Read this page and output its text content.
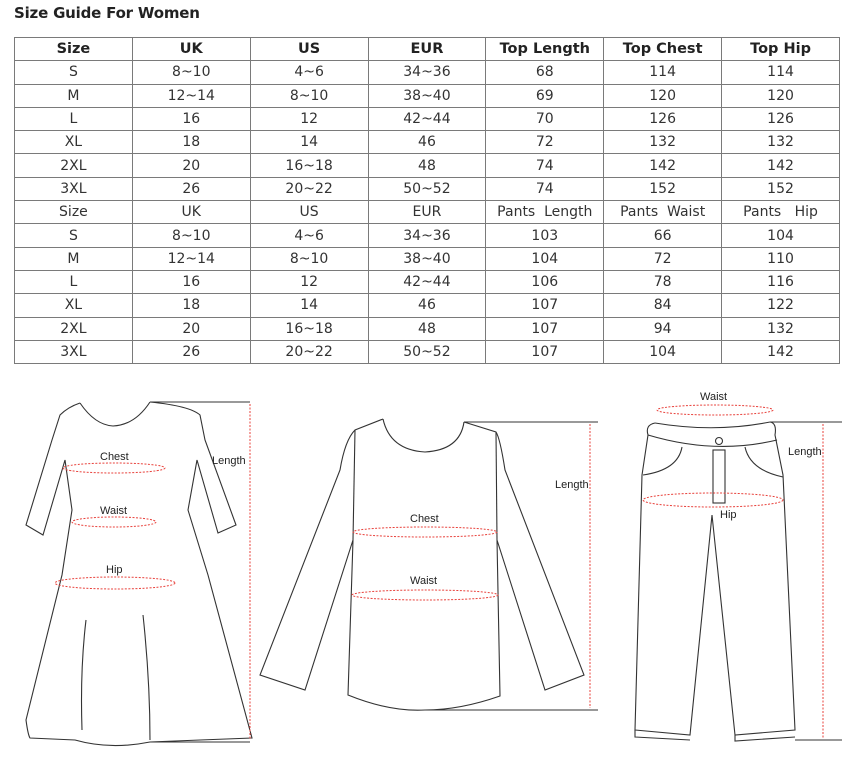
Size Guide For Women
Size	UK	US	EUR	Top Length	Top Chest	Top Hip
S	8~10	4~6	34~36	68	114	114
M	12~14	8~10	38~40	69	120	120
L	16	12	42~44	70	126	126
XL	18	14	46	72	132	132
2XL	20	16~18	48	74	142	142
3XL	26	20~22	50~52	74	152	152
Size	UK	US	EUR	Pants  Length	Pants  Waist	Pants   Hip
S	8~10	4~6	34~36	103	66	104
M	12~14	8~10	38~40	104	72	110
L	16	12	42~44	106	78	116
XL	18	14	46	107	84	122
2XL	20	16~18	48	107	94	132
3XL	26	20~22	50~52	107	104	142
Chest
Waist
Hip
Length
Chest
Waist
Length
Waist
Hip
Length
